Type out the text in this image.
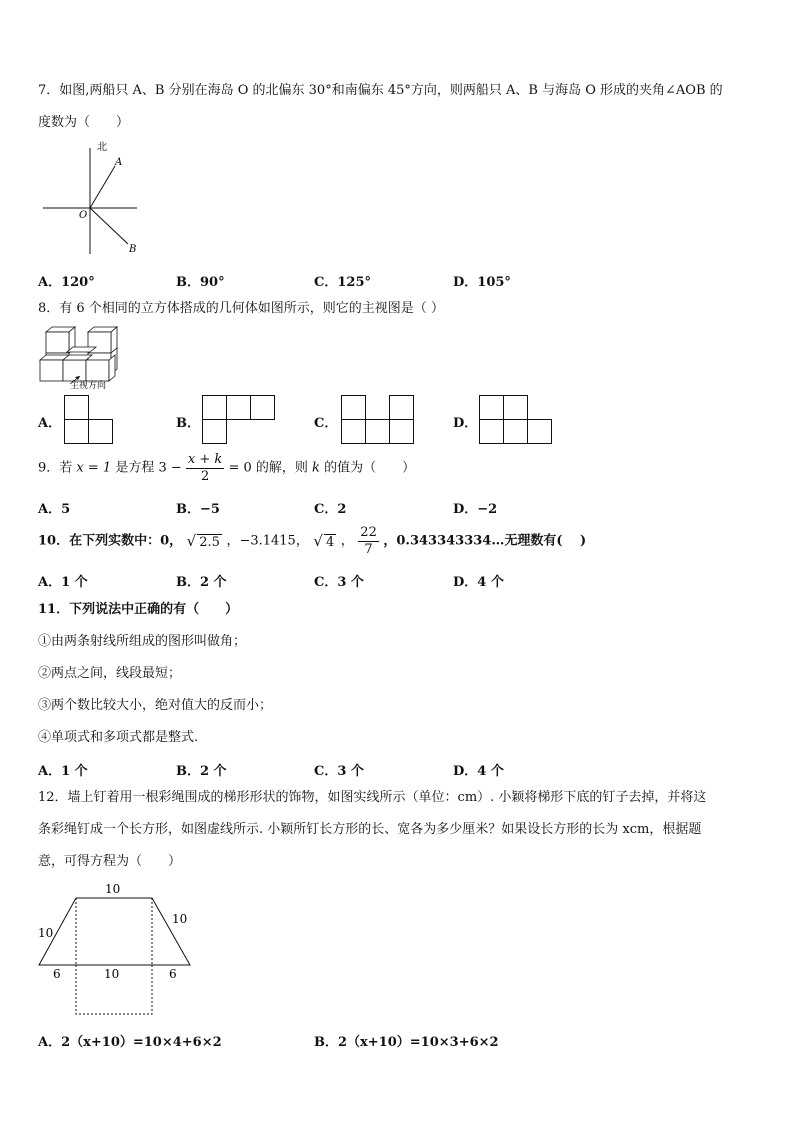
7．如图,两船只 A、B 分别在海岛 O 的北偏东 30°和南偏东 45°方向，则两船只 A、B 与海岛 O 形成的夹角∠AOB 的
度数为（　　）
北
A
O
B
A．120°	B．90°	C．125°	D．105°
8．有 6 个相同的立方体搭成的几何体如图所示，则它的主视图是（ ）
主视方向
A．	B．	C．	D．
9．若 x = 1 是方程 $3 - \frac{x + k}{2} = 0$ 的解，则 k 的值为（　　）
A．5	B．−5	C．2	D．−2
10．在下列实数中：0， √ 2.5 ，−3.1415， √ 4 ， $\frac{22}{7}$ ，0.343343334…无理数有(　 )
A．1 个	B．2 个	C．3 个	D．4 个
11．下列说法中正确的有（　　）
①由两条射线所组成的图形叫做角；
②两点之间，线段最短；
③两个数比较大小，绝对值大的反而小；
④单项式和多项式都是整式.
A．1 个	B．2 个	C．3 个	D．4 个
12．墙上钉着用一根彩绳围成的梯形形状的饰物，如图实线所示（单位：cm）. 小颖将梯形下底的钉子去掉，并将这
条彩绳钉成一个长方形，如图虚线所示. 小颖所钉长方形的长、宽各为多少厘米？如果设长方形的长为 xcm，根据题
意，可得方程为（　　）
10
10
10
6	10	6
A．2（x+10）=10×4+6×2	B．2（x+10）=10×3+6×2
